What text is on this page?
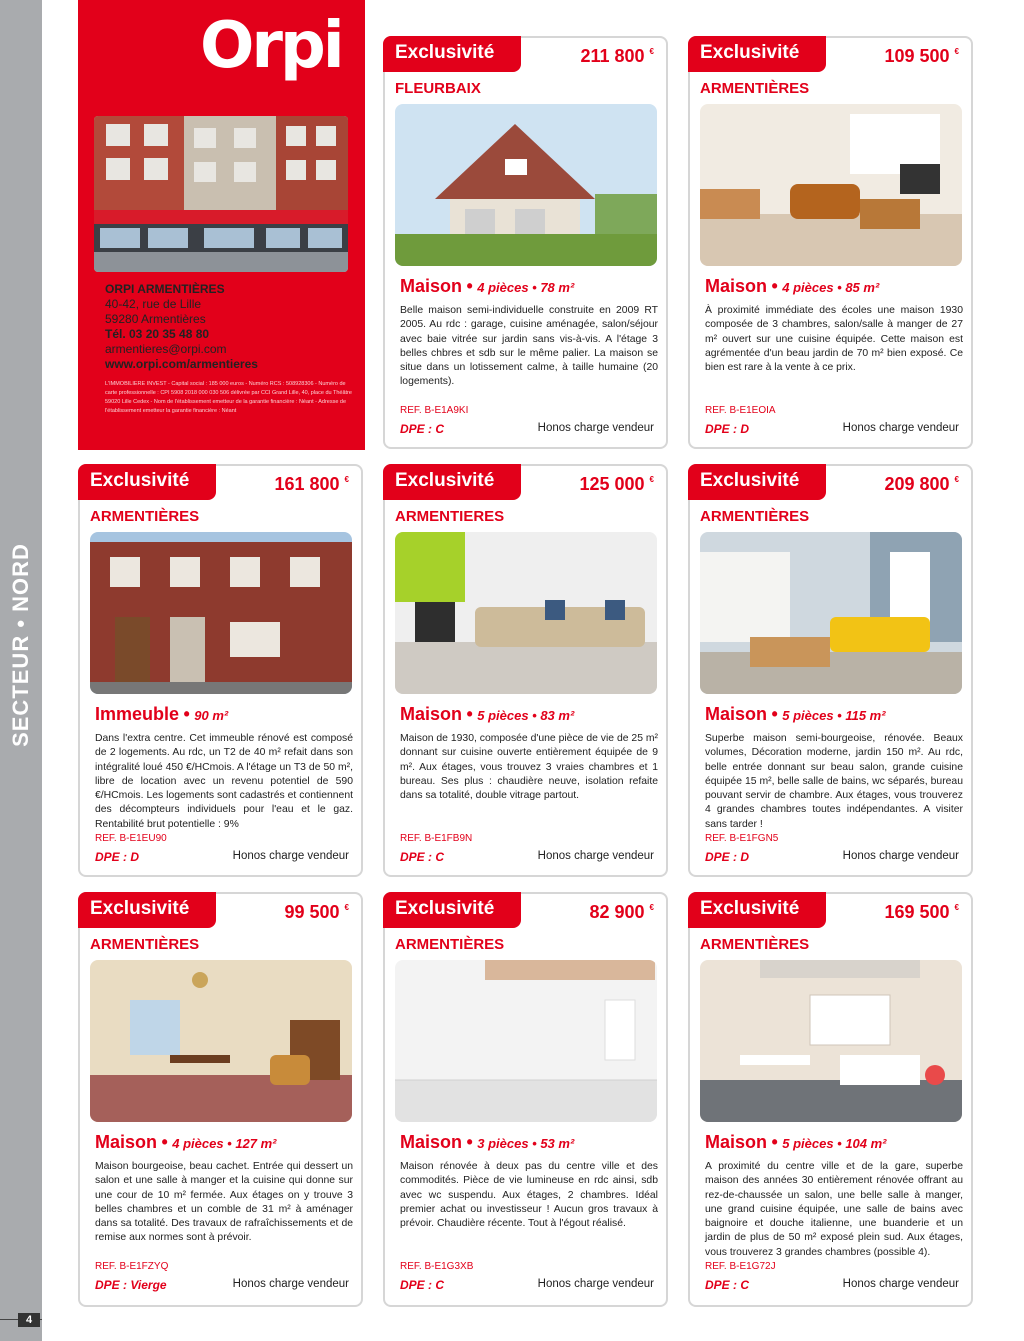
SECTEUR • NORD
4
Orpi
ORPI ARMENTIÈRES
40-42, rue de Lille
59280 Armentières
Tél. 03 20 35 48 80
armentieres@orpi.com
www.orpi.com/armentieres
L'IMMOBILIERE INVEST - Capital social : 185 000 euros - Numéro RCS : 508928306 - Numéro de carte professionnelle : CPI 5908 2018 000 030 506 délivrée par CCI Grand Lille, 40, place du Théâtre 59020 Lille Cedex - Nom de l'établissement emetteur de la garantie financière : Néant - Adresse de l'établissement emetteur la garantie financière : Néant
Exclusivité	211 800 €
FLEURBAIX
Maison • 4 pièces • 78 m²
Belle maison semi-individuelle construite en 2009 RT 2005. Au rdc : garage, cuisine aménagée, salon/séjour avec baie vitrée sur jardin sans vis-à-vis. A l'étage 3 belles chbres et sdb sur le même palier. La maison se situe dans un lotissement calme, à taille humaine (20 logements).
REF. B-E1A9KI
DPE : C	Honos charge vendeur
Exclusivité	109 500 €
ARMENTIÈRES
Maison • 4 pièces • 85 m²
À proximité immédiate des écoles une maison 1930 composée de 3 chambres, salon/salle à manger de 27 m² ouvert sur une cuisine équipée. Cette maison est agrémentée d'un beau jardin de 70 m² bien exposé. Ce bien est rare à la vente à ce prix.
REF. B-E1EOIA
DPE : D	Honos charge vendeur
Exclusivité	161 800 €
ARMENTIÈRES
Immeuble • 90 m²
Dans l'extra centre. Cet immeuble rénové est composé de 2 logements. Au rdc, un T2 de 40 m² refait dans son intégralité loué 450 €/HCmois. A l'étage un T3 de 50 m², libre de location avec un revenu potentiel de 590 €/HCmois. Les logements sont cadastrés et contiennent des décompteurs individuels pour l'eau et le gaz. Rentabilité brut potentielle : 9%
REF. B-E1EU90
DPE : D	Honos charge vendeur
Exclusivité	125 000 €
ARMENTIERES
Maison • 5 pièces • 83 m²
Maison de 1930, composée d'une pièce de vie de 25 m² donnant sur cuisine ouverte entièrement équipée de 9 m². Aux étages, vous trouvez 3 vraies chambres et 1 bureau. Ses plus : chaudière neuve, isolation refaite dans sa totalité, double vitrage partout.
REF. B-E1FB9N
DPE : C	Honos charge vendeur
Exclusivité	209 800 €
ARMENTIÈRES
Maison • 5 pièces • 115 m²
Superbe maison semi-bourgeoise, rénovée. Beaux volumes, Décoration moderne, jardin 150 m². Au rdc, belle entrée donnant sur beau salon, grande cuisine équipée 15 m², belle salle de bains, wc séparés, bureau pouvant servir de chambre. Aux étages, vous trouverez 4 grandes chambres toutes indépendantes. A visiter sans tarder !
REF. B-E1FGN5
DPE : D	Honos charge vendeur
Exclusivité	99 500 €
ARMENTIÈRES
Maison • 4 pièces • 127 m²
Maison bourgeoise, beau cachet. Entrée qui dessert un salon et une salle à manger et la cuisine qui donne sur une cour de 10 m² fermée. Aux étages on y trouve 3 belles chambres et un comble de 31 m² à aménager dans sa totalité. Des travaux de rafraîchissements et de remise aux normes sont à prévoir.
REF. B-E1FZYQ
DPE : Vierge	Honos charge vendeur
Exclusivité	82 900 €
ARMENTIÈRES
Maison • 3 pièces • 53 m²
Maison rénovée à deux pas du centre ville et des commodités. Pièce de vie lumineuse en rdc ainsi, sdb avec wc suspendu. Aux étages, 2 chambres. Idéal premier achat ou investisseur ! Aucun gros travaux à prévoir. Chaudière récente. Tout à l'égout réalisé.
REF. B-E1G3XB
DPE : C	Honos charge vendeur
Exclusivité	169 500 €
ARMENTIÈRES
Maison • 5 pièces • 104 m²
A proximité du centre ville et de la gare, superbe maison des années 30 entièrement rénovée offrant au rez-de-chaussée un salon, une belle salle à manger, une grand cuisine équipée, une salle de bains avec baignoire et douche italienne, une buanderie et un jardin de plus de 50 m² exposé plein sud. Aux étages, vous trouverez 3 grandes chambres (possible 4).
REF. B-E1G72J
DPE : C	Honos charge vendeur
